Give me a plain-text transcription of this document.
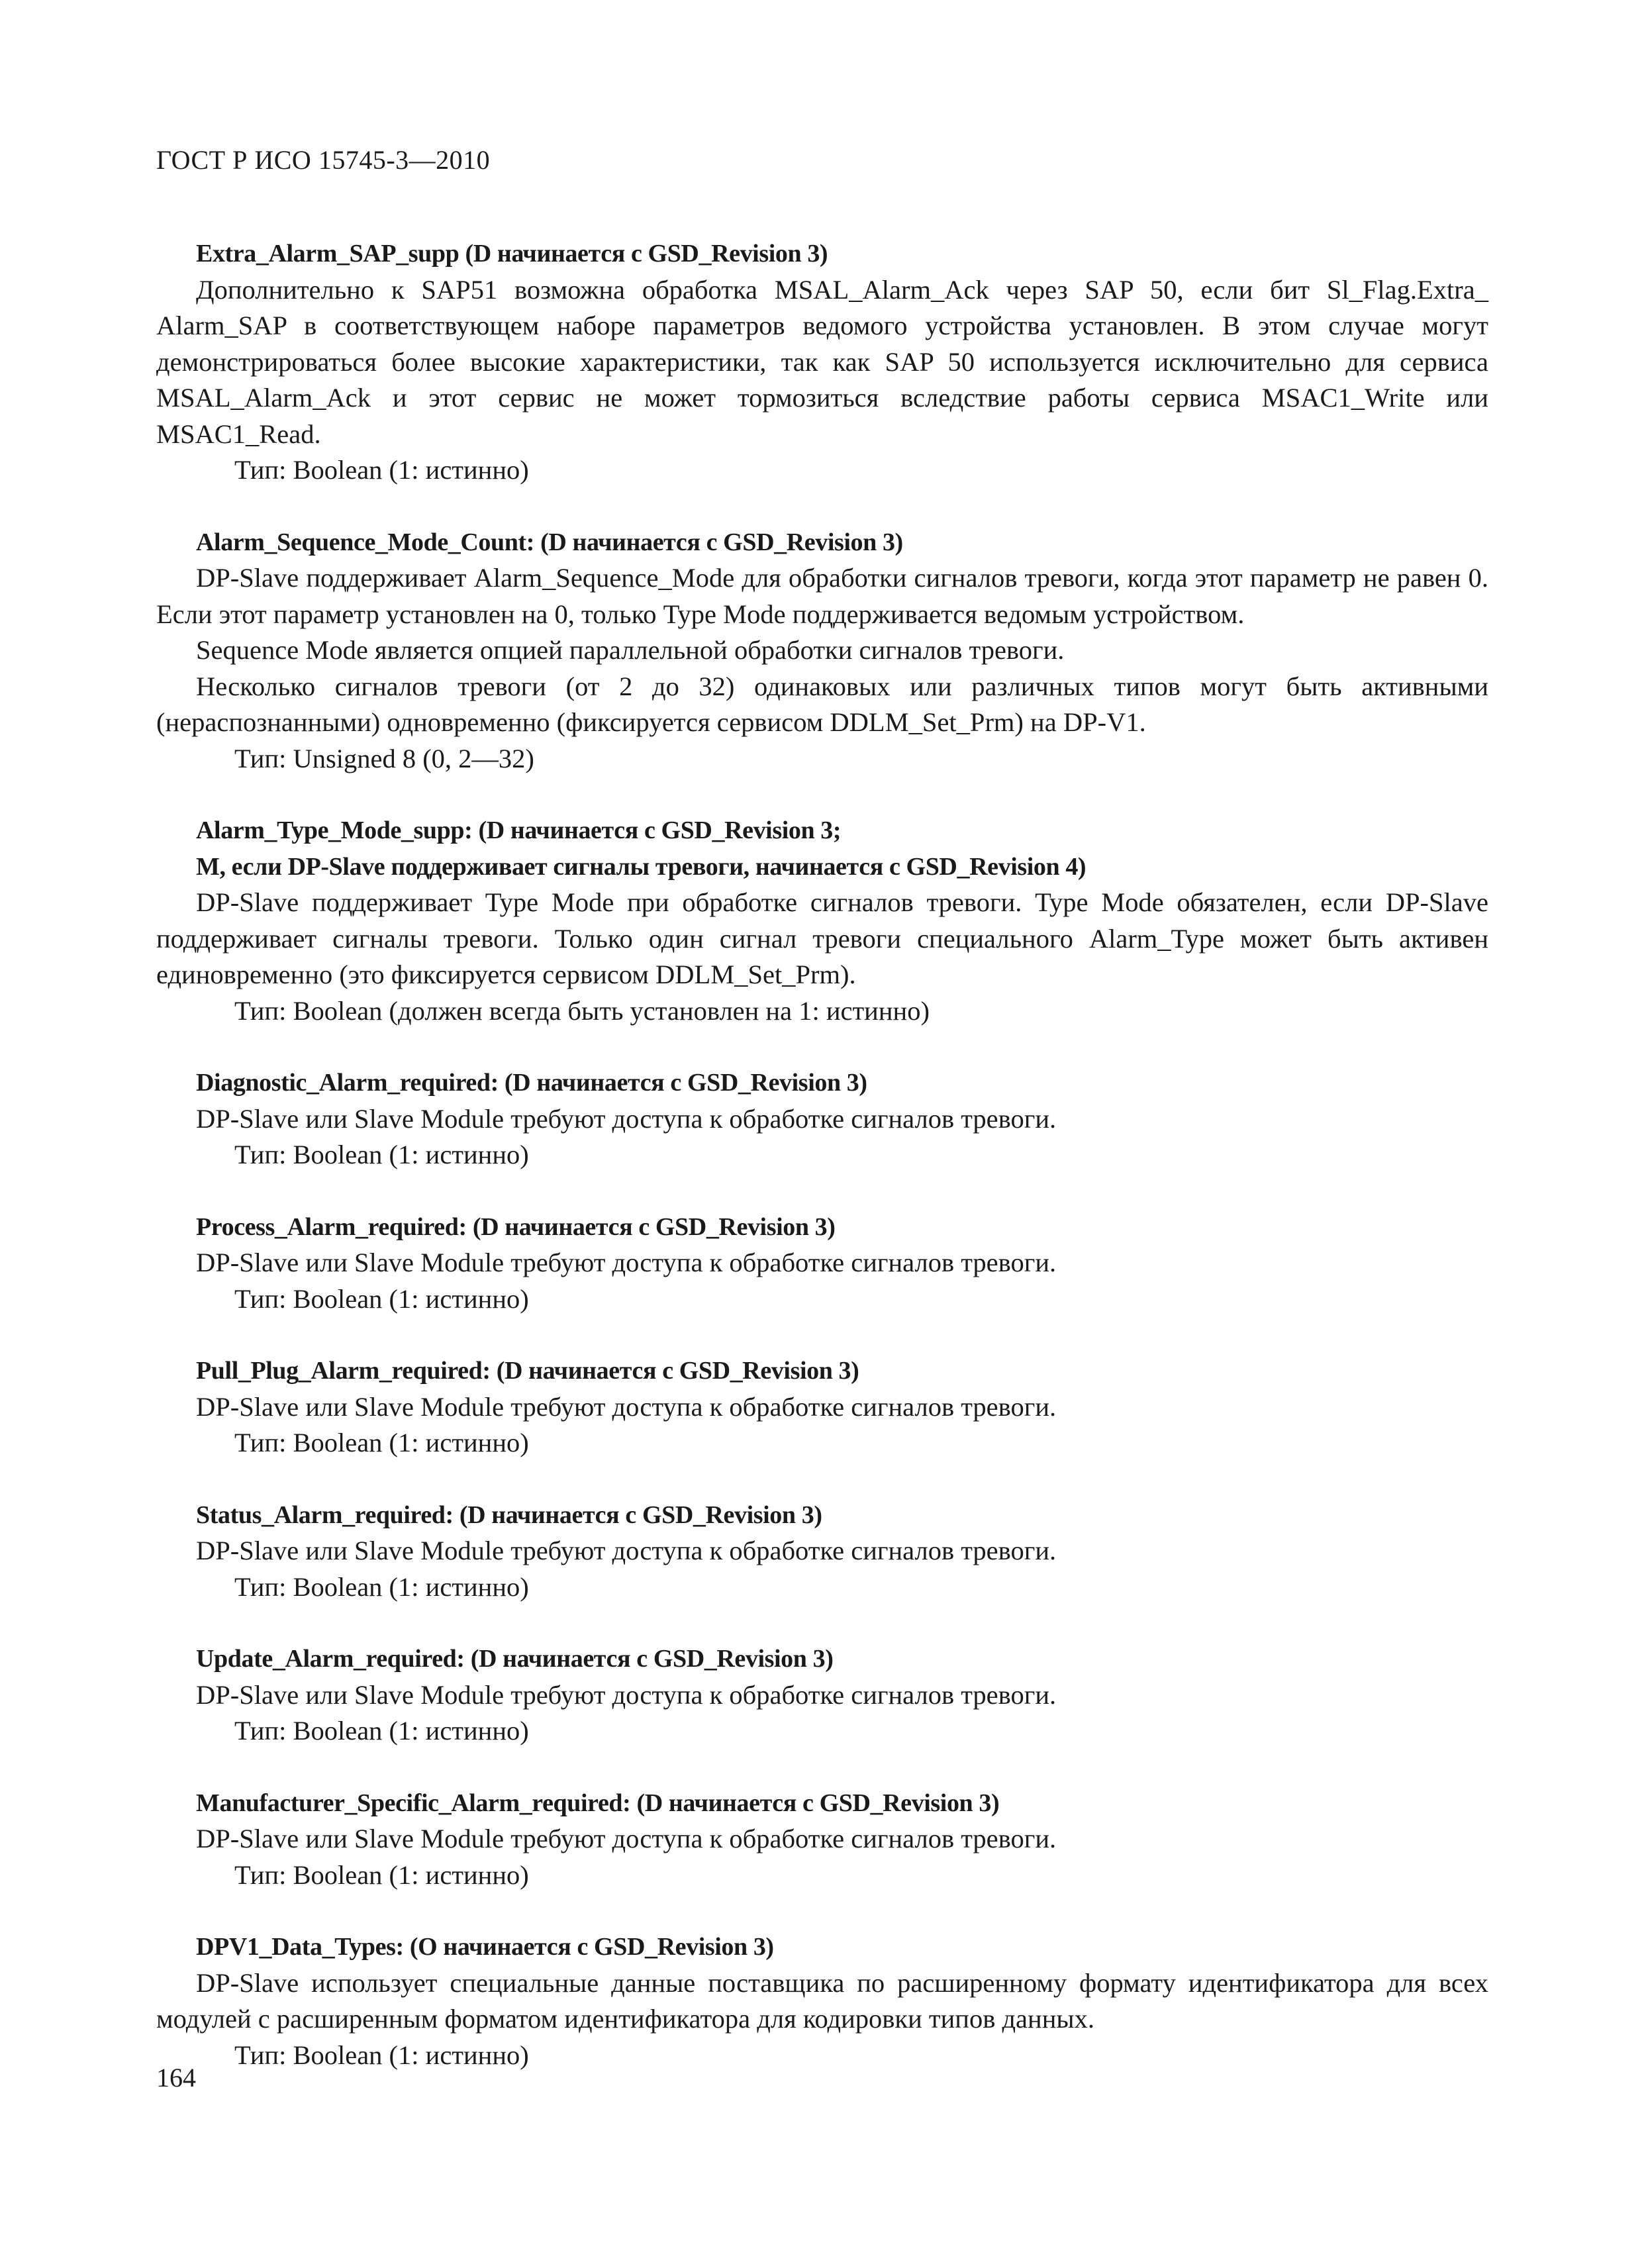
ГОСТ Р ИСО 15745-3—2010
Extra_Alarm_SAP_supp (D начинается с GSD_Revision 3)

Дополнительно к SAP51 возможна обработка MSAL_Alarm_Ack через SAP 50, если бит Sl_Flag.Extra_ Alarm_SAP в соответствующем наборе параметров ведомого устройства установлен. В этом случае могут демонстрироваться более высокие характеристики, так как SAP 50 используется исключительно для сервиса MSAL_Alarm_Ack и этот сервис не может тормозиться вследствие работы сервиса MSAC1_Write или MSAC1_Read.

Тип: Boolean (1: истинно)
Alarm_Sequence_Mode_Count: (D начинается с GSD_Revision 3)

DP-Slave поддерживает Alarm_Sequence_Mode для обработки сигналов тревоги, когда этот параметр не равен 0. Если этот параметр установлен на 0, только Type Mode поддерживается ведомым устройством.

Sequence Mode является опцией параллельной обработки сигналов тревоги.

Несколько сигналов тревоги (от 2 до 32) одинаковых или различных типов могут быть активными (нераспознанными) одновременно (фиксируется сервисом DDLM_Set_Prm) на DP-V1.

Тип: Unsigned 8 (0, 2—32)
Alarm_Type_Mode_supp: (D начинается с GSD_Revision 3;
M, если DP-Slave поддерживает сигналы тревоги, начинается с GSD_Revision 4)

DP-Slave поддерживает Type Mode при обработке сигналов тревоги. Type Mode обязателен, если DP-Slave поддерживает сигналы тревоги. Только один сигнал тревоги специального Alarm_Type может быть активен единовременно (это фиксируется сервисом DDLM_Set_Prm).

Тип: Boolean (должен всегда быть установлен на 1: истинно)
Diagnostic_Alarm_required: (D начинается с GSD_Revision 3)

DP-Slave или Slave Module требуют доступа к обработке сигналов тревоги.

Тип: Boolean (1: истинно)
Process_Alarm_required: (D начинается с GSD_Revision 3)

DP-Slave или Slave Module требуют доступа к обработке сигналов тревоги.

Тип: Boolean (1: истинно)
Pull_Plug_Alarm_required: (D начинается с GSD_Revision 3)

DP-Slave или Slave Module требуют доступа к обработке сигналов тревоги.

Тип: Boolean (1: истинно)
Status_Alarm_required: (D начинается с GSD_Revision 3)

DP-Slave или Slave Module требуют доступа к обработке сигналов тревоги.

Тип: Boolean (1: истинно)
Update_Alarm_required: (D начинается с GSD_Revision 3)

DP-Slave или Slave Module требуют доступа к обработке сигналов тревоги.

Тип: Boolean (1: истинно)
Manufacturer_Specific_Alarm_required: (D начинается с GSD_Revision 3)

DP-Slave или Slave Module требуют доступа к обработке сигналов тревоги.

Тип: Boolean (1: истинно)
DPV1_Data_Types: (O начинается с GSD_Revision 3)

DP-Slave использует специальные данные поставщика по расширенному формату идентификатора для всех модулей с расширенным форматом идентификатора для кодировки типов данных.

Тип: Boolean (1: истинно)
164
